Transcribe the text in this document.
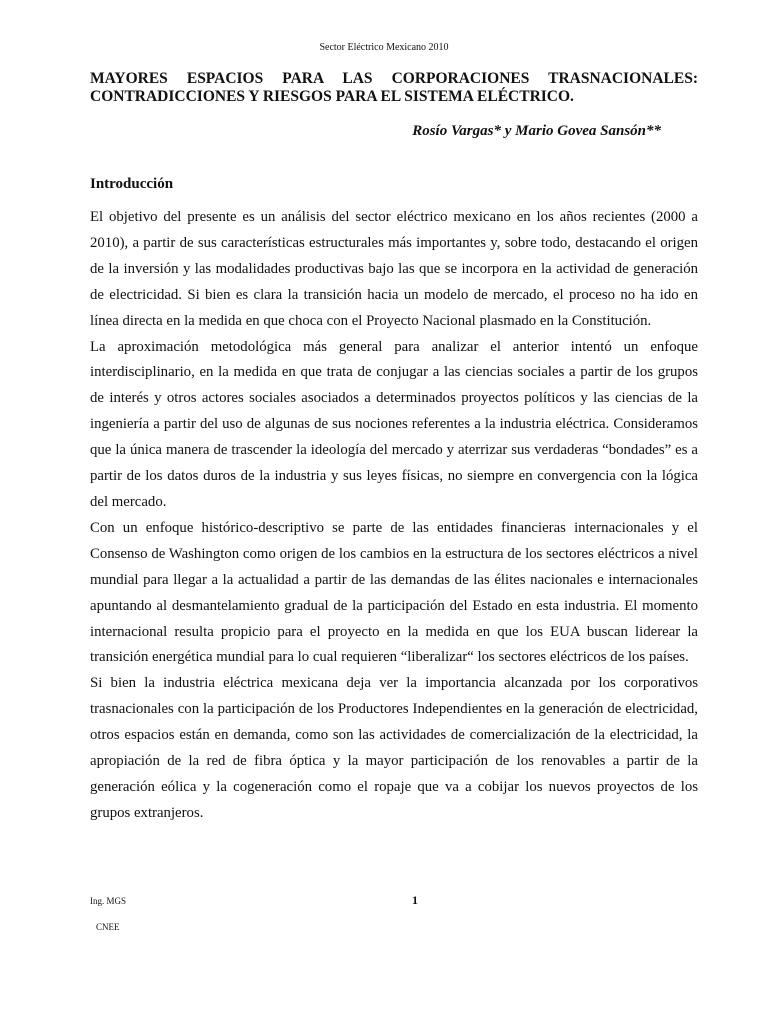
Sector Eléctrico Mexicano 2010
MAYORES ESPACIOS PARA LAS CORPORACIONES TRASNACIONALES:
CONTRADICCIONES Y RIESGOS PARA EL SISTEMA ELÉCTRICO.
Rosío Vargas* y Mario Govea Sansón**
Introducción

El objetivo del presente es un análisis del sector eléctrico mexicano en los años recientes (2000 a 2010), a partir de sus características estructurales más importantes y, sobre todo, destacando el origen de la inversión y las modalidades productivas bajo las que se incorpora en la actividad de generación de electricidad. Si bien es clara la transición hacia un modelo de mercado, el proceso no ha ido en línea directa en la medida en que choca con el Proyecto Nacional plasmado en la Constitución.

La aproximación metodológica más general para analizar el anterior intentó un enfoque interdisciplinario, en la medida en que trata de conjugar a las ciencias sociales a partir de los grupos de interés y otros actores sociales asociados a determinados proyectos políticos y las ciencias de la ingeniería a partir del uso de algunas de sus nociones referentes a la industria eléctrica. Consideramos que la única manera de trascender la ideología del mercado y aterrizar sus verdaderas “bondades” es a partir de los datos duros de la industria y sus leyes físicas, no siempre en convergencia con la lógica del mercado.

Con un enfoque histórico-descriptivo se parte de las entidades financieras internacionales y el Consenso de Washington como origen de los cambios en la estructura de los sectores eléctricos a nivel mundial para llegar a la actualidad a partir de las demandas de las élites nacionales e internacionales apuntando al desmantelamiento gradual de la participación del Estado en esta industria. El momento internacional resulta propicio para el proyecto en la medida en que los EUA buscan liderear la transición energética mundial para lo cual requieren “liberalizar“ los sectores eléctricos de los países.

Si bien la industria eléctrica mexicana deja ver la importancia alcanzada por los corporativos trasnacionales con la participación de los Productores Independientes en la generación de electricidad, otros espacios están en demanda, como son las actividades de comercialización de la electricidad, la apropiación de la red de fibra óptica y la mayor participación de los renovables a partir de la generación eólica y la cogeneración como el ropaje que va a cobijar los nuevos proyectos de los grupos extranjeros.

Ing. MGS	1
CNEE
